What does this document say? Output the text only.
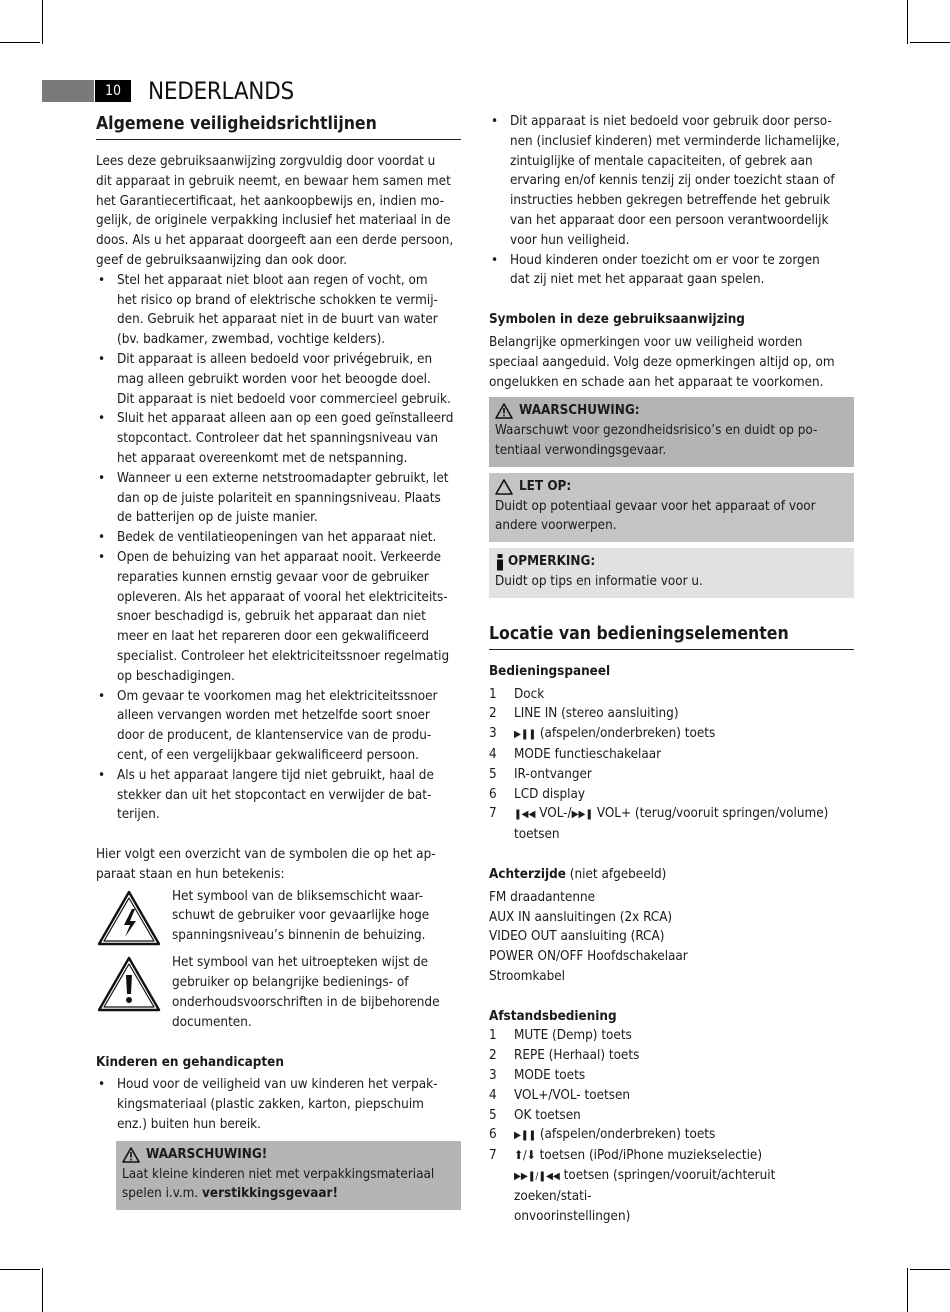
10	NEDERLANDS
Algemene veiligheidsrichtlijnen

Lees deze gebruiksaanwijzing zorgvuldig door voordat u
dit apparaat in gebruik neemt, en bewaar hem samen met
het Garantiecertificaat, het aankoopbewijs en, indien mo-
gelijk, de originele verpakking inclusief het materiaal in de
doos. Als u het apparaat doorgeeft aan een derde persoon,
geef de gebruiksaanwijzing dan ook door.

• Stel het apparaat niet bloot aan regen of vocht, om
het risico op brand of elektrische schokken te vermij-
den. Gebruik het apparaat niet in de buurt van water
(bv. badkamer, zwembad, vochtige kelders).
• Dit apparaat is alleen bedoeld voor privégebruik, en
mag alleen gebruikt worden voor het beoogde doel.
Dit apparaat is niet bedoeld voor commercieel gebruik.
• Sluit het apparaat alleen aan op een goed geïnstalleerd
stopcontact. Controleer dat het spanningsniveau van
het apparaat overeenkomt met de netspanning.
• Wanneer u een externe netstroomadapter gebruikt, let
dan op de juiste polariteit en spanningsniveau. Plaats
de batterijen op de juiste manier.
• Bedek de ventilatieopeningen van het apparaat niet.
• Open de behuizing van het apparaat nooit. Verkeerde
reparaties kunnen ernstig gevaar voor de gebruiker
opleveren. Als het apparaat of vooral het elektriciteits-
snoer beschadigd is, gebruik het apparaat dan niet
meer en laat het repareren door een gekwalificeerd
specialist. Controleer het elektriciteitssnoer regelmatig
op beschadigingen.
• Om gevaar te voorkomen mag het elektriciteitssnoer
alleen vervangen worden met hetzelfde soort snoer
door de producent, de klantenservice van de produ-
cent, of een vergelijkbaar gekwalificeerd persoon.
• Als u het apparaat langere tijd niet gebruikt, haal de
stekker dan uit het stopcontact en verwijder de bat-
terijen.

Hier volgt een overzicht van de symbolen die op het ap-
paraat staan en hun betekenis:

Het symbool van de bliksemschicht waar-
schuwt de gebruiker voor gevaarlijke hoge
spanningsniveau’s binnenin de behuizing.
Het symbool van het uitroepteken wijst de
gebruiker op belangrijke bedienings- of
onderhoudsvoorschriften in de bijbehorende
documenten.

Kinderen en gehandicapten

• Houd voor de veiligheid van uw kinderen het verpak-
kingsmateriaal (plastic zakken, karton, piepschuim
enz.) buiten hun bereik.
WAARSCHUWING!
Laat kleine kinderen niet met verpakkingsmateriaal
spelen i.v.m. verstikkingsgevaar!
• Dit apparaat is niet bedoeld voor gebruik door perso-
nen (inclusief kinderen) met verminderde lichamelijke,
zintuiglijke of mentale capaciteiten, of gebrek aan
ervaring en/of kennis tenzij zij onder toezicht staan of
instructies hebben gekregen betreffende het gebruik
van het apparaat door een persoon verantwoordelijk
voor hun veiligheid.
• Houd kinderen onder toezicht om er voor te zorgen
dat zij niet met het apparaat gaan spelen.

Symbolen in deze gebruiksaanwijzing

Belangrijke opmerkingen voor uw veiligheid worden
speciaal aangeduid. Volg deze opmerkingen altijd op, om
ongelukken en schade aan het apparaat te voorkomen.

WAARSCHUWING:
Waarschuwt voor gezondheidsrisico’s en duidt op po-
tentiaal verwondingsgevaar.
LET OP:
Duidt op potentiaal gevaar voor het apparaat of voor
andere voorwerpen.
OPMERKING:
Duidt op tips en informatie voor u.
Locatie van bedieningselementen

Bedieningspaneel

1 Dock
2 LINE IN (stereo aansluiting)
3 ▶❚❚ (afspelen/onderbreken) toets
4 MODE functieschakelaar
5 IR-ontvanger
6 LCD display
7 ❚◀◀ VOL-/▶▶❚ VOL+ (terug/vooruit springen/volume)
toetsen

Achterzijde (niet afgebeeld)

FM draadantenne
AUX IN aansluitingen (2x RCA)
VIDEO OUT aansluiting (RCA)
POWER ON/OFF Hoofdschakelaar
Stroomkabel

Afstandsbediening

1 MUTE (Demp) toets
2 REPE (Herhaal) toets
3 MODE toets
4 VOL+/VOL- toetsen
5 OK toetsen
6 ▶❚❚ (afspelen/onderbreken) toets
7 ⬆/⬇ toetsen (iPod/iPhone muziekselectie)
▶▶❚/❚◀◀ toetsen (springen/vooruit/achteruit zoeken/stati-
onvoorinstellingen)
